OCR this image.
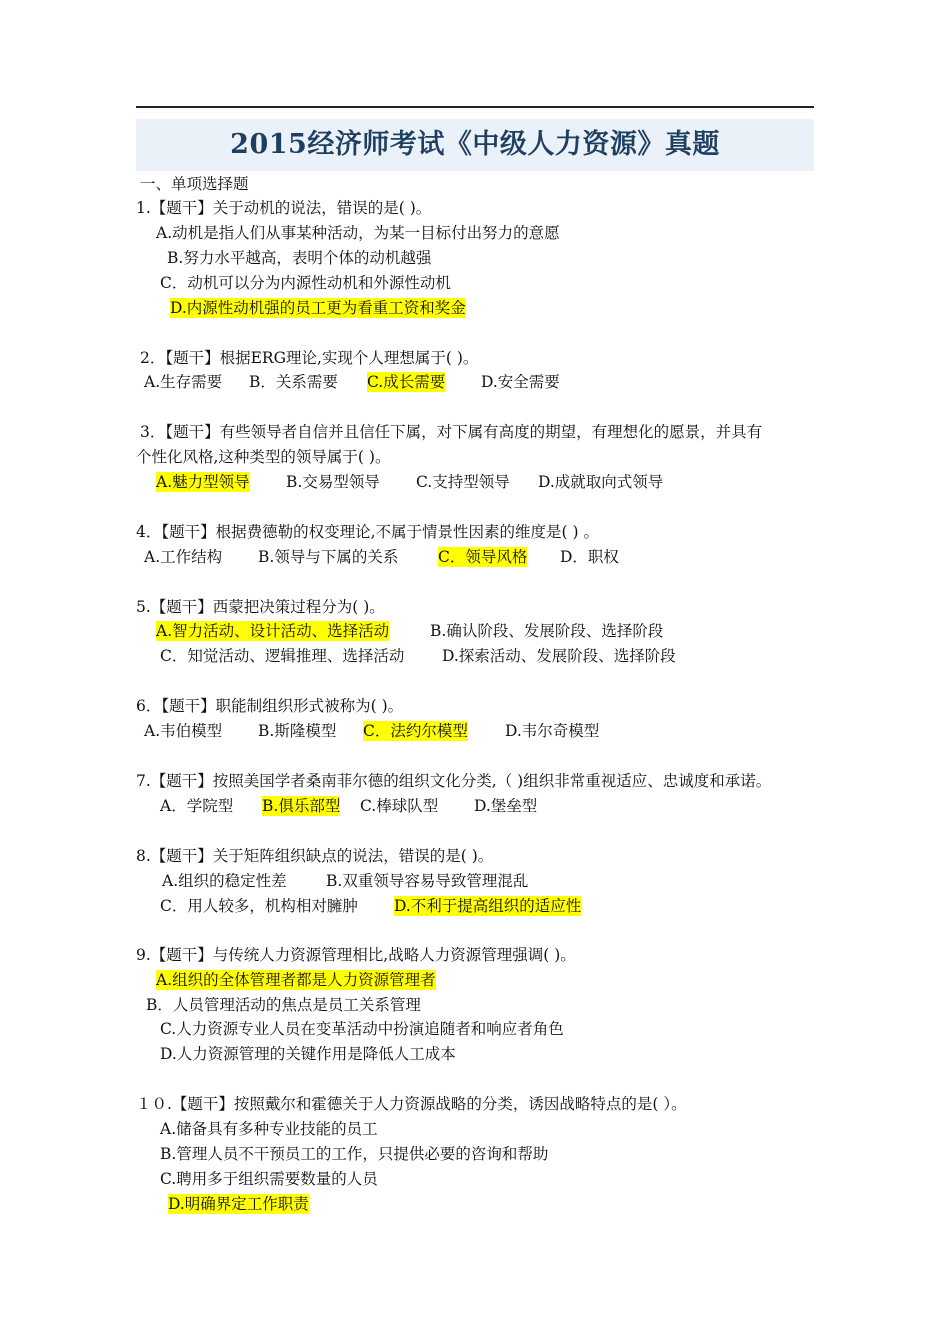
2015经济师考试《中级人力资源》真题
一、单项选择题
1.【题干】关于动机的说法，错误的是( )。
A.动机是指人们从事某种活动，为某一目标付出努力的意愿
B.努力水平越高，表明个体的动机越强
C．动机可以分为内源性动机和外源性动机
D.内源性动机强的员工更为看重工资和奖金
2．【题干】根据ERG理论,实现个人理想属于( )。
A.生存需要 B．关系需要 C.成长需要 D.安全需要
3．【题干】有些领导者自信并且信任下属，对下属有高度的期望，有理想化的愿景，并具有
个性化风格,这种类型的领导属于( )。
A.魅力型领导 B.交易型领导 C.支持型领导 D.成就取向式领导
4．【题干】根据费德勒的权变理论,不属于情景性因素的维度是( ) 。
A.工作结构 B.领导与下属的关系	C．领导风格 D．职权
5.【题干】西蒙把决策过程分为( )。
A.智力活动、设计活动、选择活动	B.确认阶段、发展阶段、选择阶段
C．知觉活动、逻辑推理、选择活动 D.探索活动、发展阶段、选择阶段
6．【题干】职能制组织形式被称为( )。
A.韦伯模型 B.斯隆模型 C．法约尔模型 D.韦尔奇模型
7.【题干】按照美国学者桑南菲尔德的组织文化分类,（ )组织非常重视适应、忠诚度和承诺。
A．学院型 B.俱乐部型 C.棒球队型 D.堡垒型
8.【题干】关于矩阵组织缺点的说法，错误的是( )。
A.组织的稳定性差	B.双重领导容易导致管理混乱
C．用人较多，机构相对臃肿 D.不利于提高组织的适应性
9.【题干】与传统人力资源管理相比,战略人力资源管理强调( )。
A.组织的全体管理者都是人力资源管理者
B．人员管理活动的焦点是员工关系管理
C.人力资源专业人员在变革活动中扮演追随者和响应者角色
D.人力资源管理的关键作用是降低人工成本
１０.【题干】按照戴尔和霍德关于人力资源战略的分类，诱因战略特点的是( ）。
A.储备具有多种专业技能的员工
B.管理人员不干预员工的工作，只提供必要的咨询和帮助
C.聘用多于组织需要数量的人员
D.明确界定工作职责
